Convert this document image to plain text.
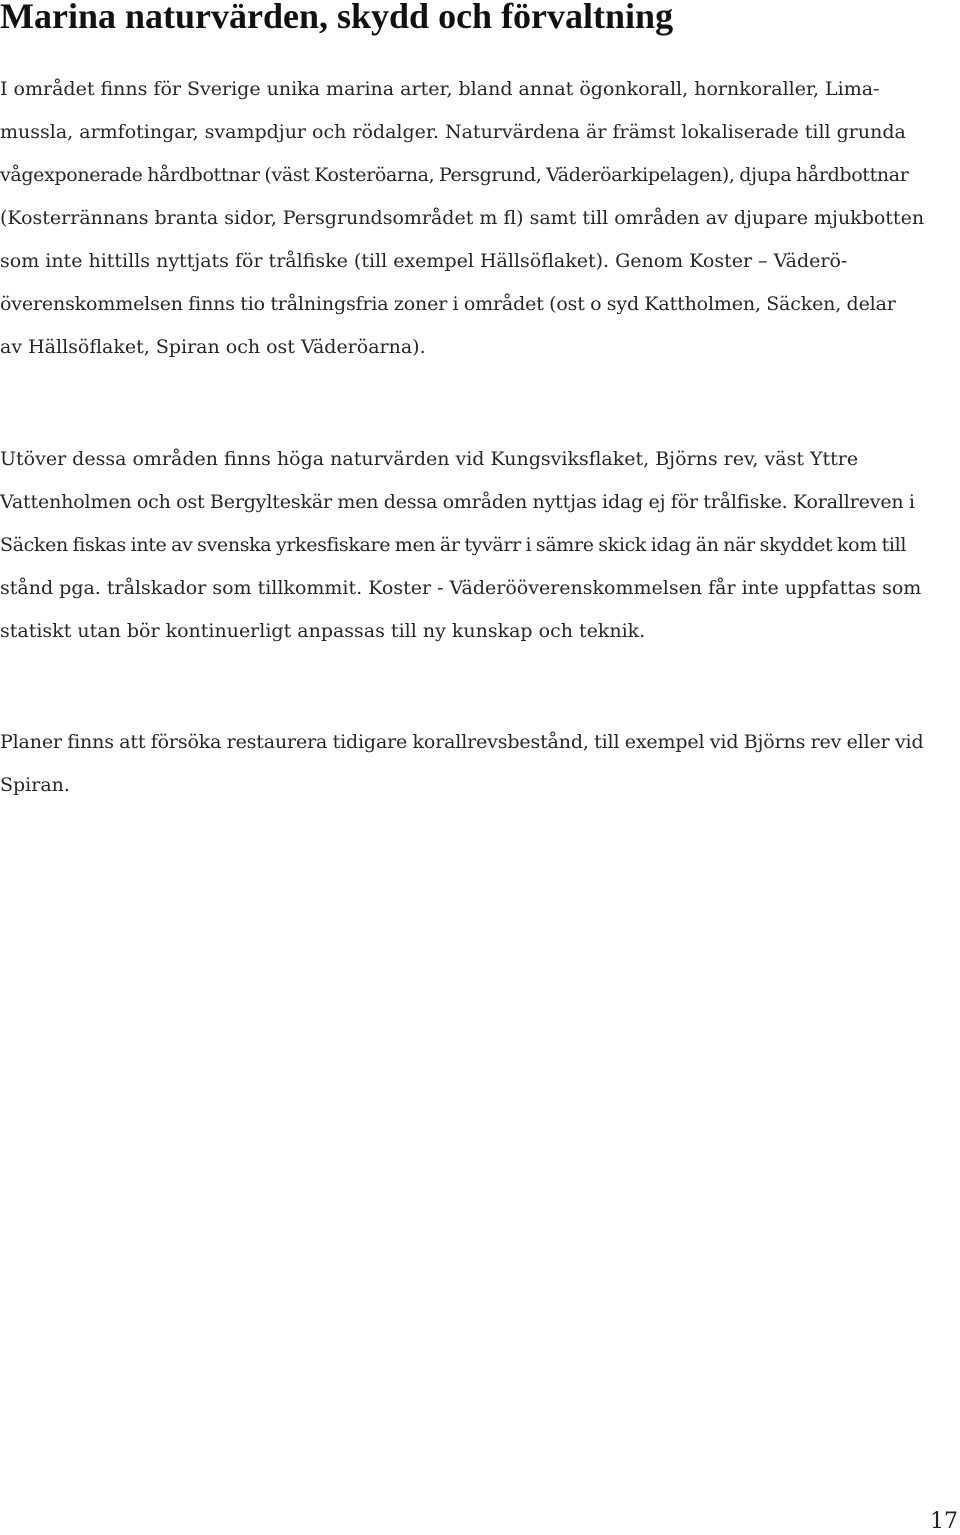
Marina naturvärden, skydd och förvaltning

I området finns för Sverige unika marina arter, bland annat ögonkorall, hornkoraller, Lima-
mussla, armfotingar, svampdjur och rödalger. Naturvärdena är främst lokaliserade till grunda
vågexponerade hårdbottnar (väst Kosteröarna, Persgrund, Väderöarkipelagen), djupa hårdbottnar
(Kosterrännans branta sidor, Persgrundsområdet m fl) samt till områden av djupare mjukbotten
som inte hittills nyttjats för trålfiske (till exempel Hällsöflaket). Genom Koster – Väderö-
överenskommelsen finns tio trålningsfria zoner i området (ost o syd Kattholmen, Säcken, delar
av Hällsöflaket, Spiran och ost Väderöarna).

Utöver dessa områden finns höga naturvärden vid Kungsviksflaket, Björns rev, väst Yttre
Vattenholmen och ost Bergylteskär men dessa områden nyttjas idag ej för trålfiske. Korallreven i
Säcken fiskas inte av svenska yrkesfiskare men är tyvärr i sämre skick idag än när skyddet kom till
stånd pga. trålskador som tillkommit. Koster - Väderööverenskommelsen får inte uppfattas som
statiskt utan bör kontinuerligt anpassas till ny kunskap och teknik.

Planer finns att försöka restaurera tidigare korallrevsbestånd, till exempel vid Björns rev eller vid
Spiran.

17
